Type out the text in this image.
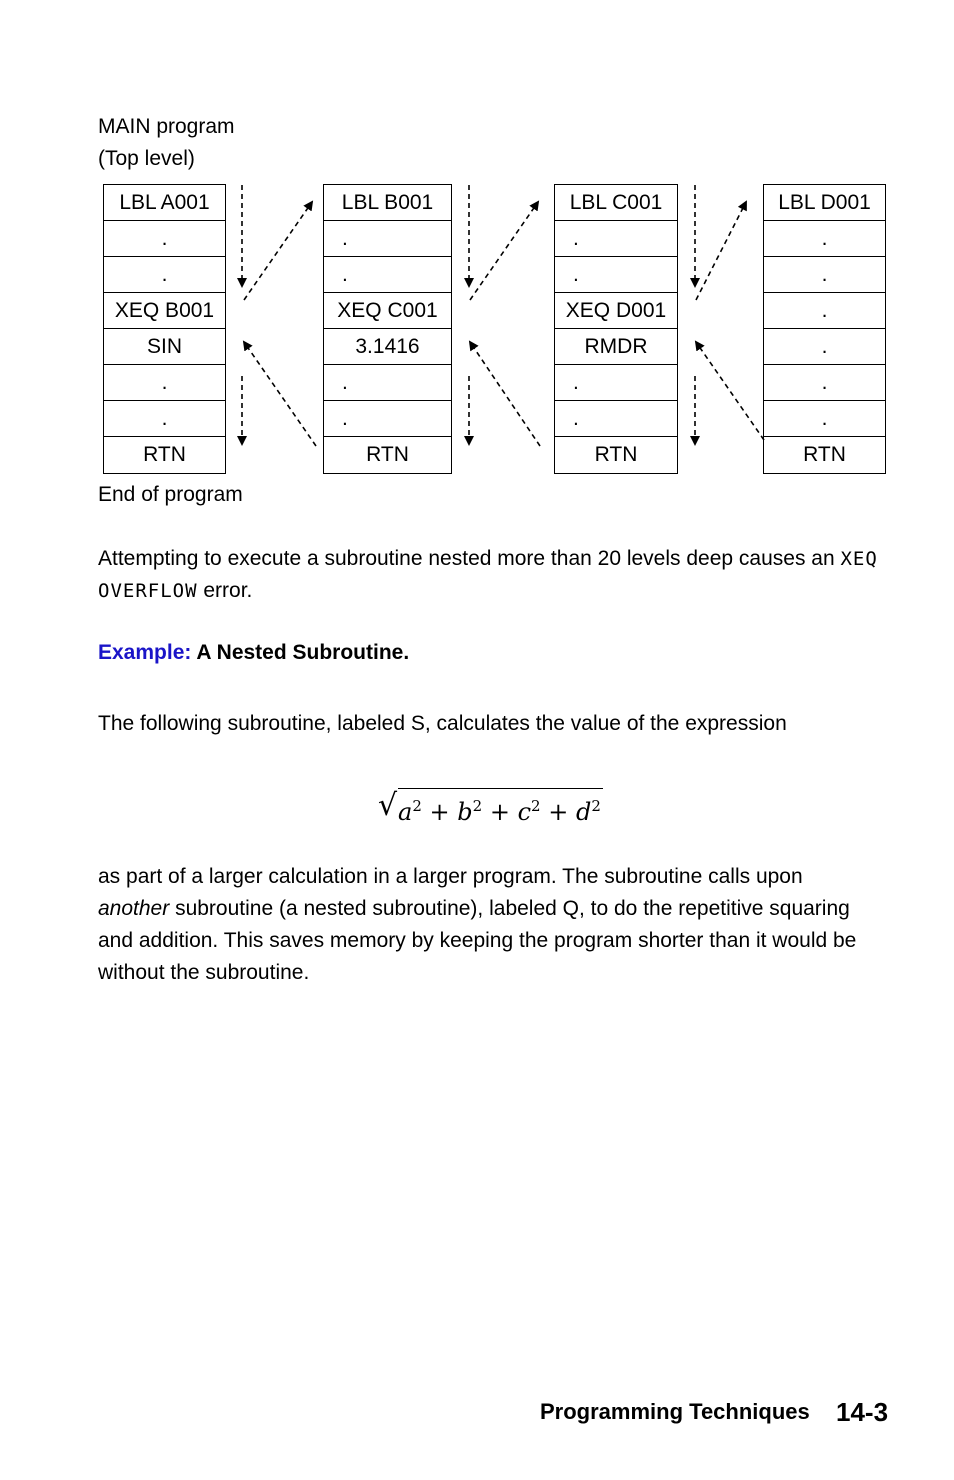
MAIN program
(Top level)
LBL A001
.
.
XEQ B001
SIN
.
.
RTN
LBL B001
.
.
XEQ C001
3.1416
.
.
RTN
LBL C001
.
.
XEQ D001
RMDR
.
.
RTN
LBL D001
.
.
.
.
.
.
RTN
End of program
Attempting to execute a subroutine nested more than 20 levels deep causes an XEQ
OVERFLOW error.
Example: A Nested Subroutine.
The following subroutine, labeled S, calculates the value of the expression
√ $a^2 + b^2 + c^2 + d^2$
as part of a larger calculation in a larger program. The subroutine calls upon
another subroutine (a nested subroutine), labeled Q, to do the repetitive squaring
and addition. This saves memory by keeping the program shorter than it would be
without the subroutine.
Programming Techniques 14-3
